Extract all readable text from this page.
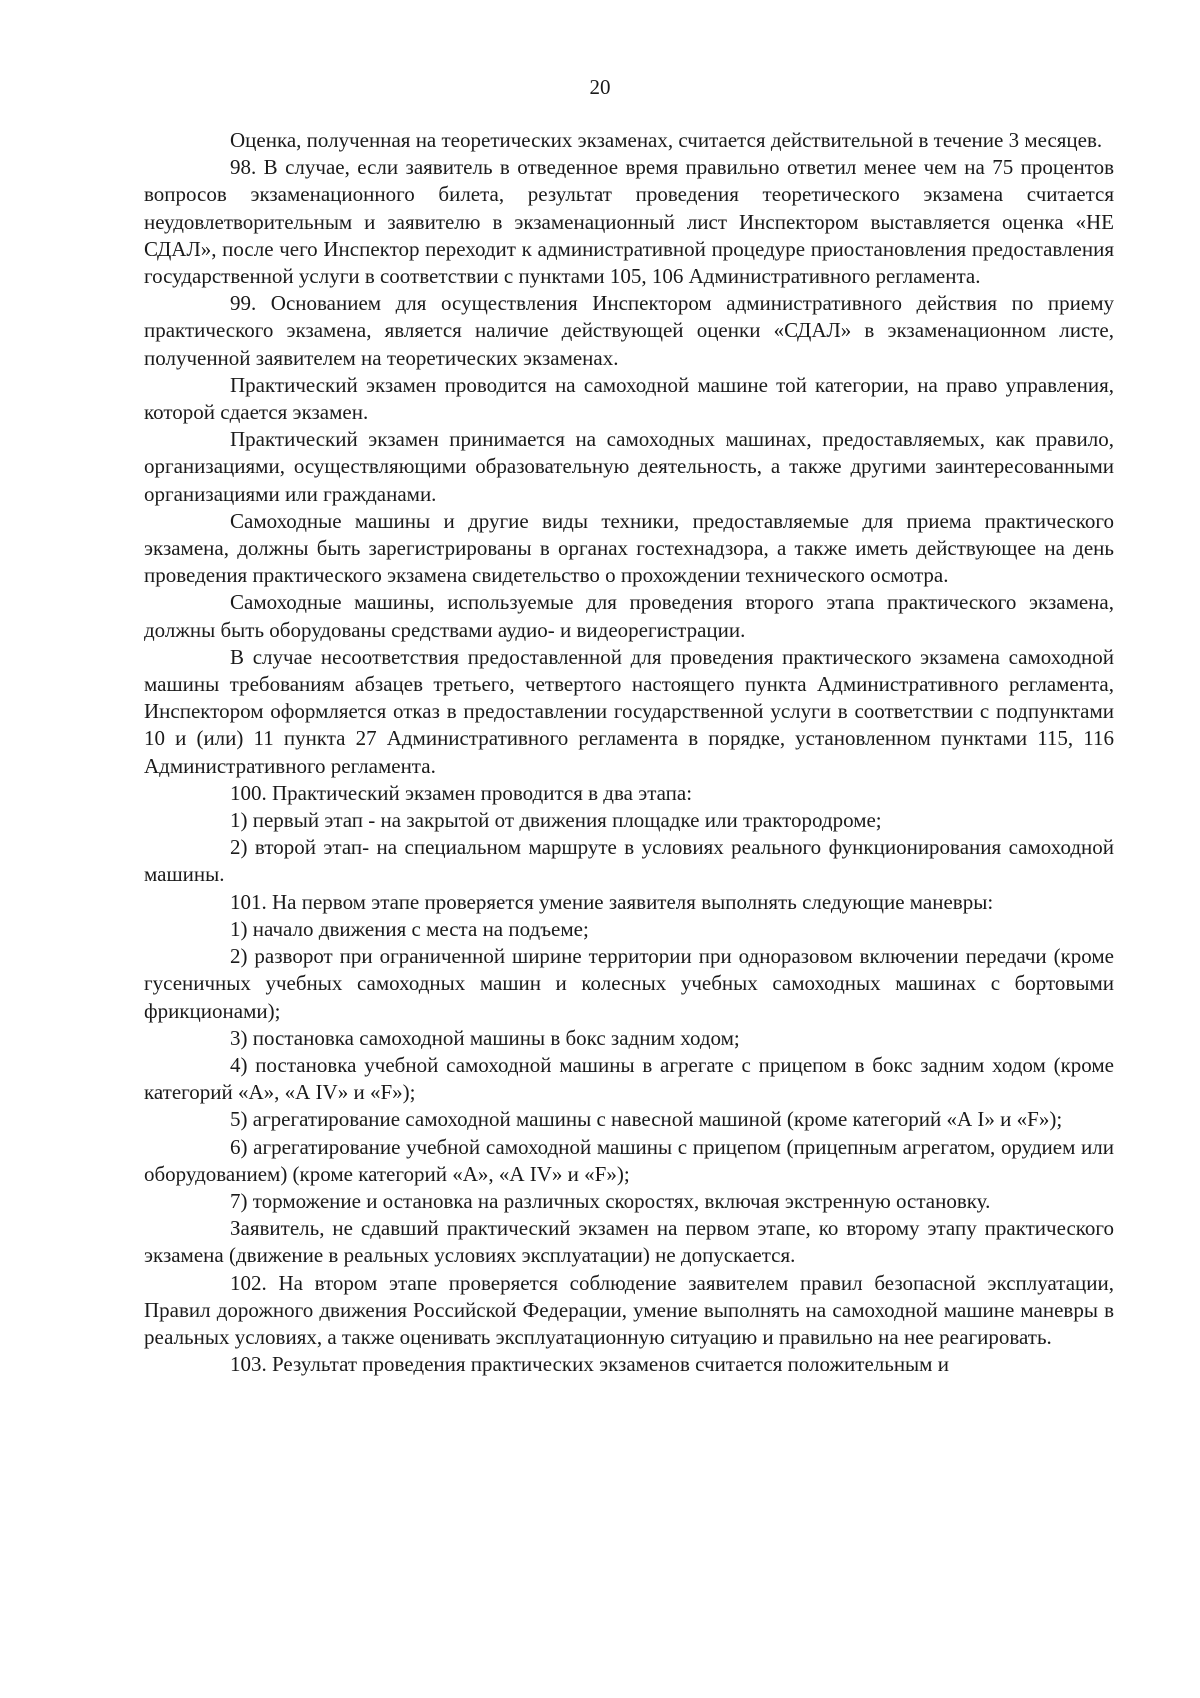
20

Оценка, полученная на теоретических экзаменах, считается действительной в течение 3 месяцев.

98. В случае, если заявитель в отведенное время правильно ответил менее чем на 75 процентов вопросов экзаменационного билета, результат проведения теоретического экзамена считается неудовлетворительным и заявителю в экзаменационный лист Инспектором выставляется оценка «НЕ СДАЛ», после чего Инспектор переходит к административной процедуре приостановления предоставления государственной услуги в соответствии с пунктами 105, 106 Административного регламента.

99. Основанием для осуществления Инспектором административного действия по приему практического экзамена, является наличие действующей оценки «СДАЛ» в экзаменационном листе, полученной заявителем на теоретических экзаменах.

Практический экзамен проводится на самоходной машине той категории, на право управления, которой сдается экзамен.

Практический экзамен принимается на самоходных машинах, предоставляемых, как правило, организациями, осуществляющими образовательную деятельность, а также другими заинтересованными организациями или гражданами.

Самоходные машины и другие виды техники, предоставляемые для приема практического экзамена, должны быть зарегистрированы в органах гостехнадзора, а также иметь действующее на день проведения практического экзамена свидетельство о прохождении технического осмотра.

Самоходные машины, используемые для проведения второго этапа практического экзамена, должны быть оборудованы средствами аудио- и видеорегистрации.

В случае несоответствия предоставленной для проведения практического экзамена самоходной машины требованиям абзацев третьего, четвертого настоящего пункта Административного регламента, Инспектором оформляется отказ в предоставлении государственной услуги в соответствии с подпунктами 10 и (или) 11 пункта 27 Административного регламента в порядке, установленном пунктами 115, 116 Административного регламента.

100. Практический экзамен проводится в два этапа:

1) первый этап - на закрытой от движения площадке или трактородроме;

2) второй этап- на специальном маршруте в условиях реального функционирования самоходной машины.

101. На первом этапе проверяется умение заявителя выполнять следующие маневры:

1) начало движения с места на подъеме;

2) разворот при ограниченной ширине территории при одноразовом включении передачи (кроме гусеничных учебных самоходных машин и колесных учебных самоходных машинах с бортовыми фрикционами);

3) постановка самоходной машины в бокс задним ходом;

4) постановка учебной самоходной машины в агрегате с прицепом в бокс задним ходом (кроме категорий «А», «А IV» и «F»);

5) агрегатирование самоходной машины с навесной машиной (кроме категорий «А I» и «F»);

6) агрегатирование учебной самоходной машины с прицепом (прицепным агрегатом, орудием или оборудованием) (кроме категорий «А», «А IV» и «F»);

7) торможение и остановка на различных скоростях, включая экстренную остановку.

Заявитель, не сдавший практический экзамен на первом этапе, ко второму этапу практического экзамена (движение в реальных условиях эксплуатации) не допускается.

102. На втором этапе проверяется соблюдение заявителем правил безопасной эксплуатации, Правил дорожного движения Российской Федерации, умение выполнять на самоходной машине маневры в реальных условиях, а также оценивать эксплуатационную ситуацию и правильно на нее реагировать.

103. Результат проведения практических экзаменов считается положительным и
